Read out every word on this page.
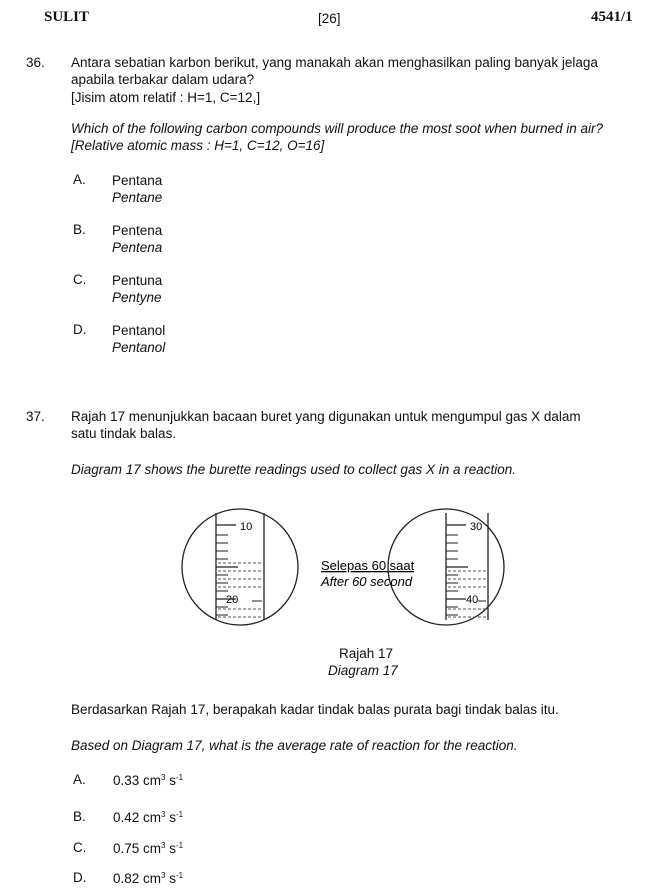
SULIT	[26]	4541/1
36. Antara sebatian karbon berikut, yang manakah akan menghasilkan paling banyak jelaga
apabila terbakar dalam udara?
[Jisim atom relatif : H=1, C=12,]
Which of the following carbon compounds will produce the most soot when burned in air?
[Relative atomic mass : H=1, C=12, O=16]
A. Pentana
Pentane
B. Pentena
Pentena
C. Pentuna
Pentyne
D. Pentanol
Pentanol
37. Rajah 17 menunjukkan bacaan buret yang digunakan untuk mengumpul gas X dalam
satu tindak balas.
Diagram 17 shows the burette readings used to collect gas X in a reaction.
10
20
Selepas 60 saat
After 60 second
30
40
Rajah 17
Diagram 17
Berdasarkan Rajah 17, berapakah kadar tindak balas purata bagi tindak balas itu.
Based on Diagram 17, what is the average rate of reaction for the reaction.
A. 0.33 $cm^3$ $s^{-1}$
B. 0.42 $cm^3$ $s^{-1}$
C. 0.75 $cm^3$ $s^{-1}$
D. 0.82 $cm^3$ $s^{-1}$
